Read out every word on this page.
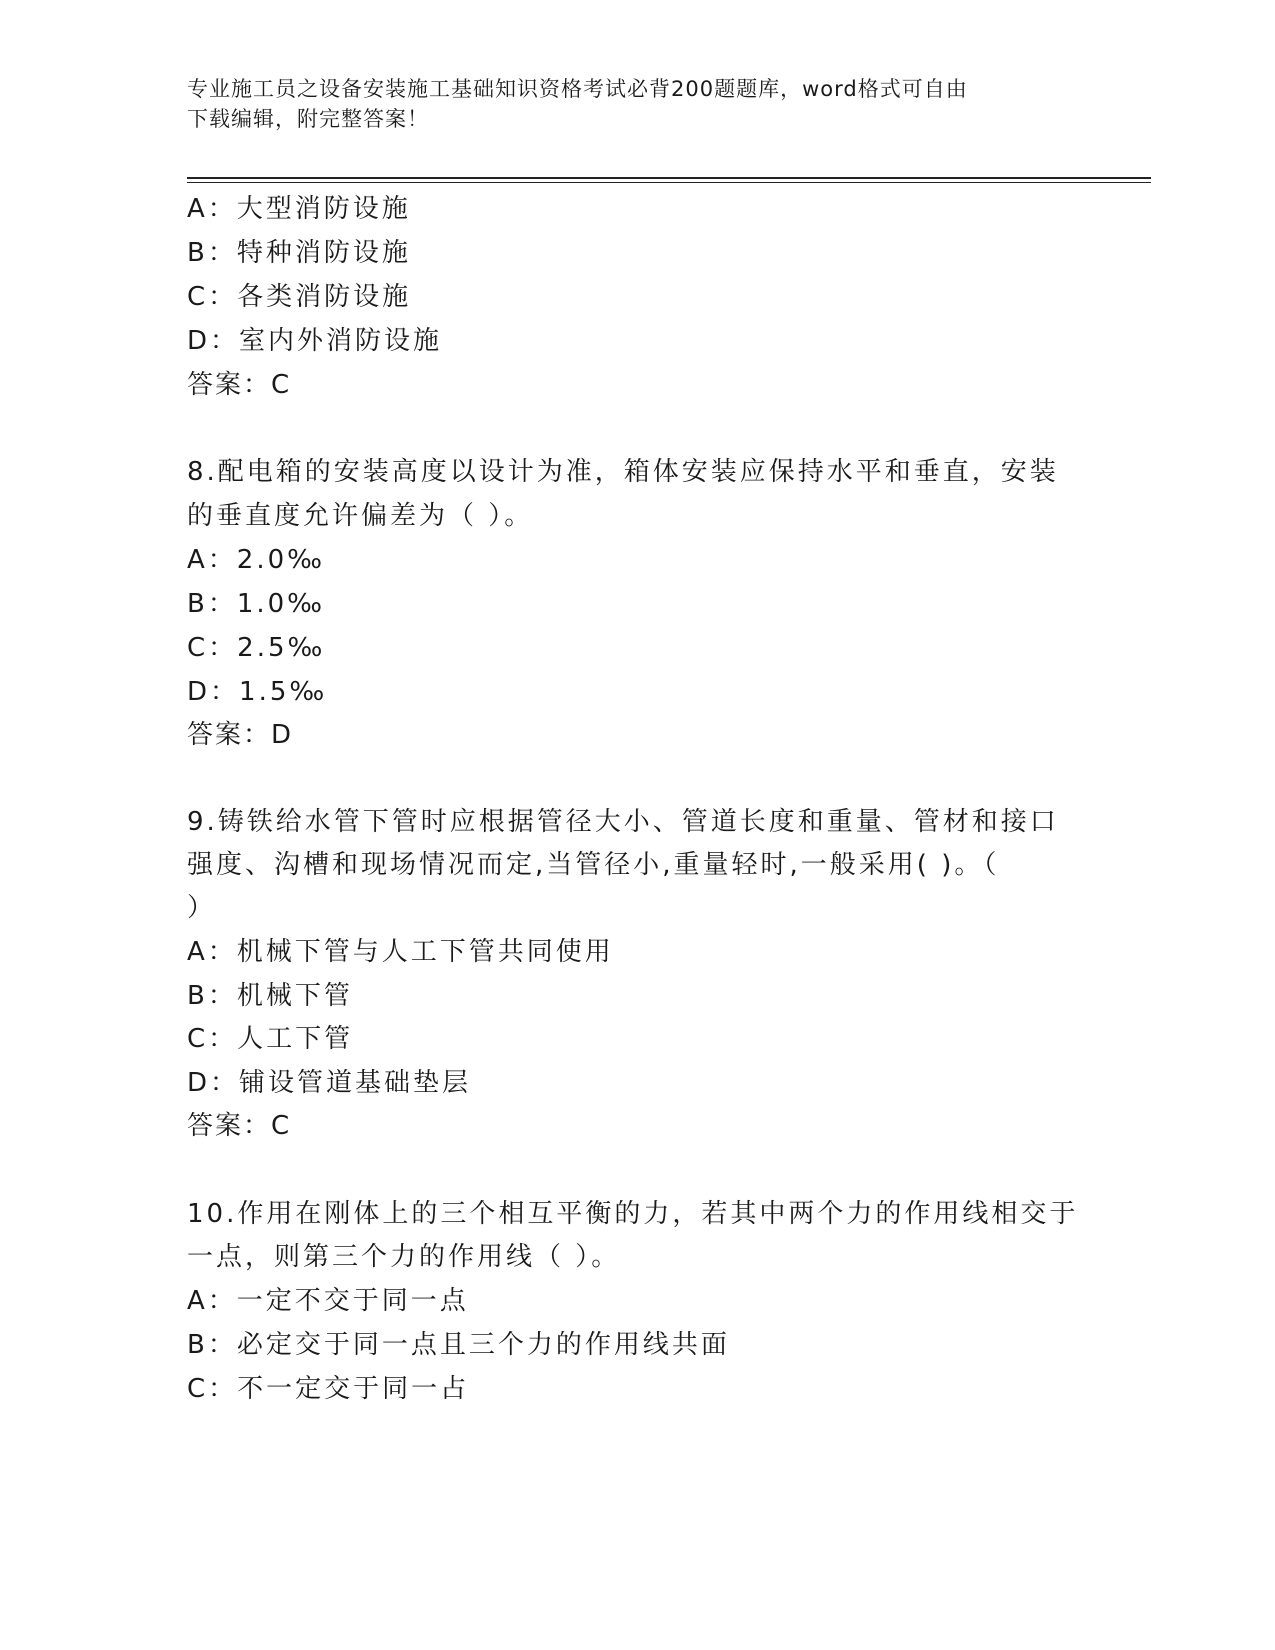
专业施工员之设备安装施工基础知识资格考试必背200题题库，word格式可自由
下载编辑，附完整答案！
A：大型消防设施
B：特种消防设施
C：各类消防设施
D：室内外消防设施
答案：C
8.配电箱的安装高度以设计为准，箱体安装应保持水平和垂直，安装
的垂直度允许偏差为（ ）。
A：2.0‰
B：1.0‰
C：2.5‰
D：1.5‰
答案：D
9.铸铁给水管下管时应根据管径大小、管道长度和重量、管材和接口
强度、沟槽和现场情况而定,当管径小,重量轻时,一般采用( )。（
）
A：机械下管与人工下管共同使用
B：机械下管
C：人工下管
D：铺设管道基础垫层
答案：C
10.作用在刚体上的三个相互平衡的力，若其中两个力的作用线相交于
一点，则第三个力的作用线（ ）。
A：一定不交于同一点
B：必定交于同一点且三个力的作用线共面
C：不一定交于同一占
